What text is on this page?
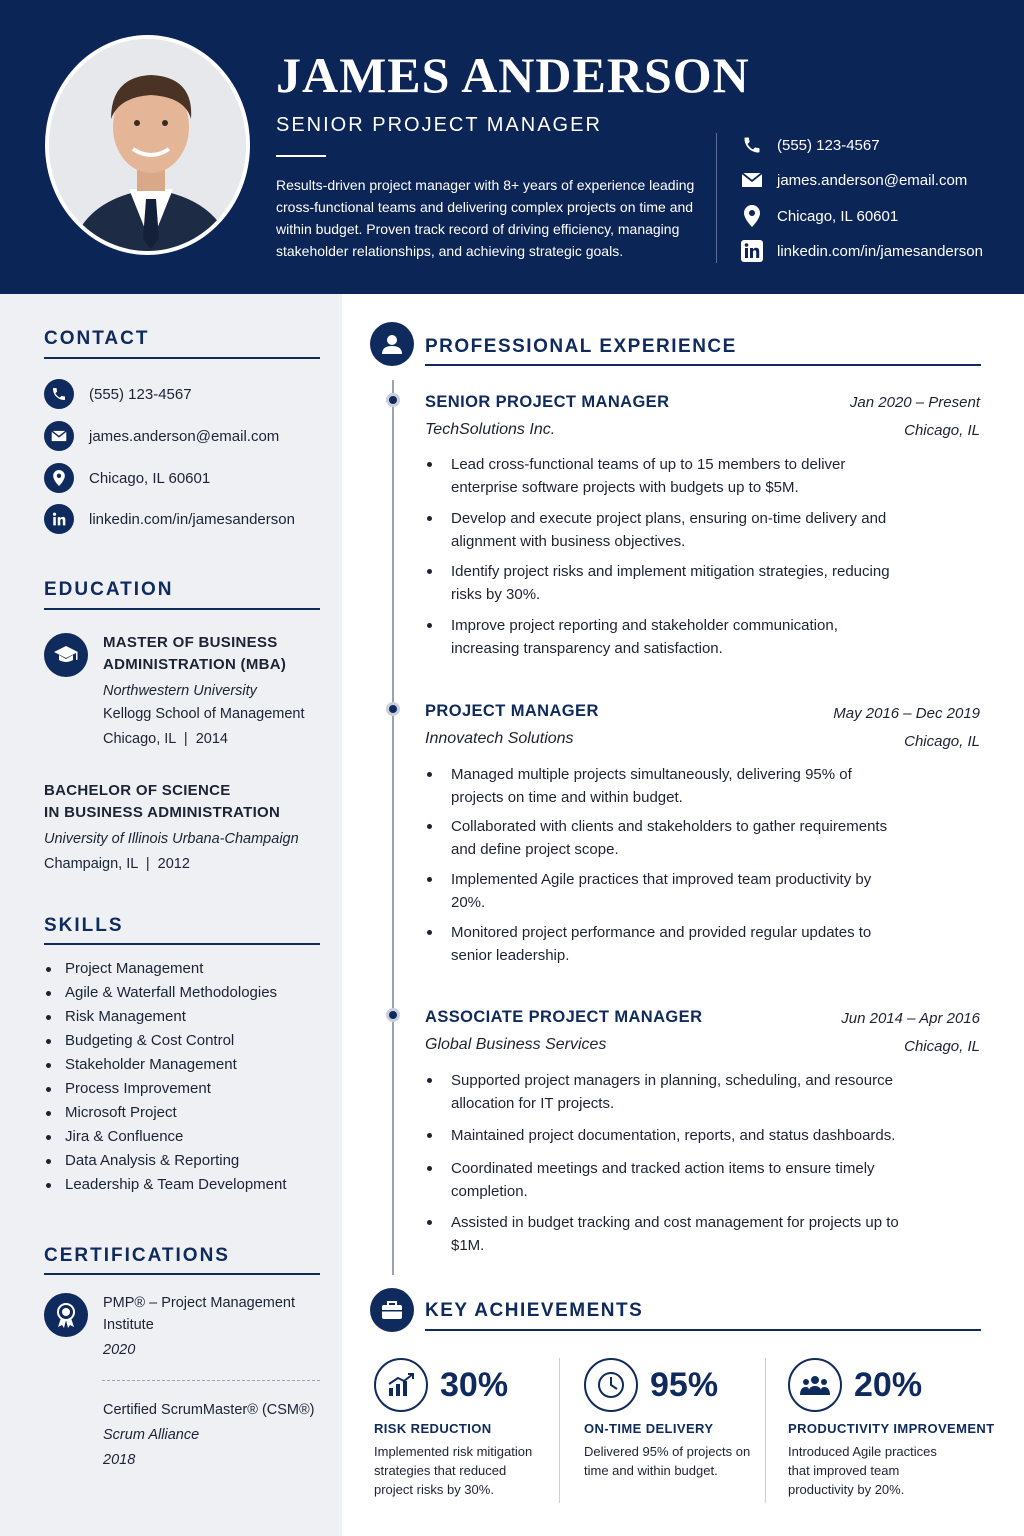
JAMES ANDERSON
SENIOR PROJECT MANAGER
Results-driven project manager with 8+ years of experience leading cross-functional teams and delivering complex projects on time and within budget. Proven track record of driving efficiency, managing stakeholder relationships, and achieving strategic goals.
(555) 123-4567
james.anderson@email.com
Chicago, IL 60601
linkedin.com/in/jamesanderson
CONTACT
(555) 123-4567
james.anderson@email.com
Chicago, IL 60601
linkedin.com/in/jamesanderson
EDUCATION
MASTER OF BUSINESS
ADMINISTRATION (MBA)
Northwestern University
Kellogg School of Management
Chicago, IL  |  2014
BACHELOR OF SCIENCE
IN BUSINESS ADMINISTRATION
University of Illinois Urbana-Champaign
Champaign, IL  |  2012
SKILLS
Project Management
Agile & Waterfall Methodologies
Risk Management
Budgeting & Cost Control
Stakeholder Management
Process Improvement
Microsoft Project
Jira & Confluence
Data Analysis & Reporting
Leadership & Team Development
CERTIFICATIONS
PMP® – Project Management
Institute
2020
Certified ScrumMaster® (CSM®)
Scrum Alliance
2018
PROFESSIONAL EXPERIENCE
SENIOR PROJECT MANAGER	Jan 2020 – Present
TechSolutions Inc.	Chicago, IL
Lead cross-functional teams of up to 15 members to deliver enterprise software projects with budgets up to $5M.
Develop and execute project plans, ensuring on-time delivery and alignment with business objectives.
Identify project risks and implement mitigation strategies, reducing risks by 30%.
Improve project reporting and stakeholder communication, increasing transparency and satisfaction.
PROJECT MANAGER	May 2016 – Dec 2019
Innovatech Solutions	Chicago, IL
Managed multiple projects simultaneously, delivering 95% of projects on time and within budget.
Collaborated with clients and stakeholders to gather requirements and define project scope.
Implemented Agile practices that improved team productivity by 20%.
Monitored project performance and provided regular updates to senior leadership.
ASSOCIATE PROJECT MANAGER	Jun 2014 – Apr 2016
Global Business Services	Chicago, IL
Supported project managers in planning, scheduling, and resource allocation for IT projects.
Maintained project documentation, reports, and status dashboards.
Coordinated meetings and tracked action items to ensure timely completion.
Assisted in budget tracking and cost management for projects up to $1M.
KEY ACHIEVEMENTS
30%
RISK REDUCTION
Implemented risk mitigation strategies that reduced project risks by 30%.
95%
ON-TIME DELIVERY
Delivered 95% of projects on time and within budget.
20%
PRODUCTIVITY IMPROVEMENT
Introduced Agile practices that improved team productivity by 20%.
